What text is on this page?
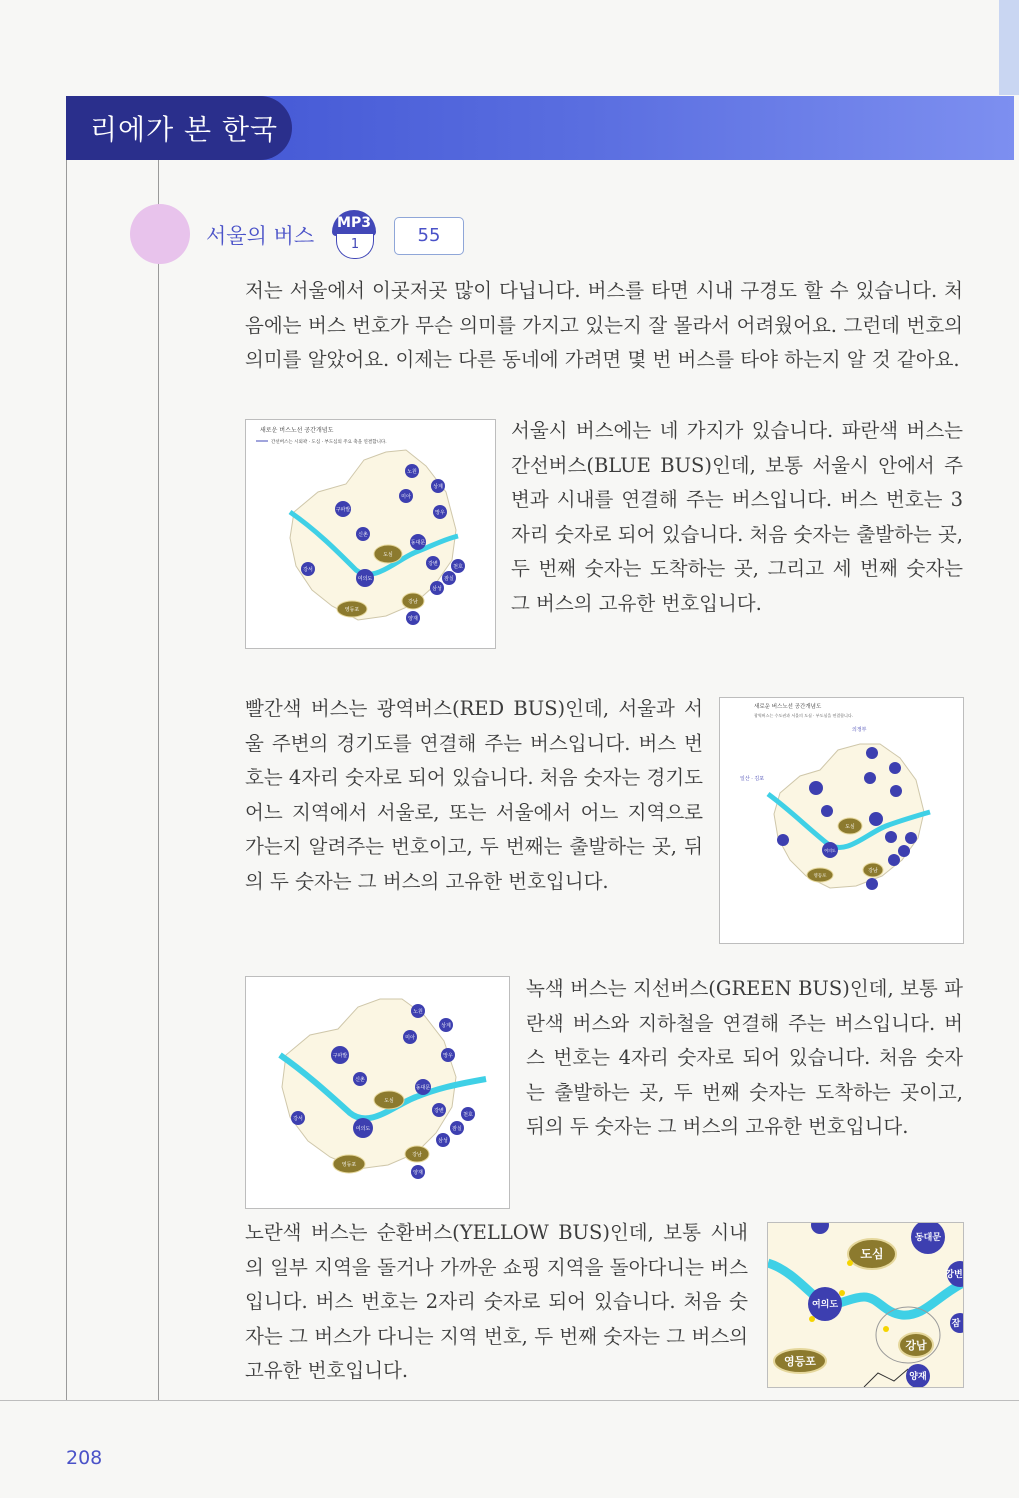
리에가 본 한국
서울의 버스
MP3
1	55
저는 서울에서 이곳저곳 많이 다닙니다. 버스를 타면 시내 구경도 할 수 있습니다. 처음에는 버스 번호가 무슨 의미를 가지고 있는지 잘 몰라서 어려웠어요. 그런데 번호의 의미를 알았어요. 이제는 다른 동네에 가려면 몇 번 버스를 타야 하는지 알 것 같아요.
새로운 버스노선 공간개념도
간선버스는 시외곽 · 도심 · 부도심의 주요 축을 연결합니다.
노원
상계
미아
구파발	망우
신촌
동대문
도심
강변	천호
강서
여의도	잠실
삼성
강남
영등포
양재
서울시 버스에는 네 가지가 있습니다. 파란색 버스는 간선버스(BLUE BUS)인데, 보통 서울시 안에서 주변과 시내를 연결해 주는 버스입니다. 버스 번호는 3자리 숫자로 되어 있습니다. 처음 숫자는 출발하는 곳, 두 번째 숫자는 도착하는 곳, 그리고 세 번째 숫자는 그 버스의 고유한 번호입니다.
빨간색 버스는 광역버스(RED BUS)인데, 서울과 서울 주변의 경기도를 연결해 주는 버스입니다. 버스 번호는 4자리 숫자로 되어 있습니다. 처음 숫자는 경기도 어느 지역에서 서울로, 또는 서울에서 어느 지역으로 가는지 알려주는 번호이고, 두 번째는 출발하는 곳, 뒤의 두 숫자는 그 버스의 고유한 번호입니다.
새로운 버스노선 공간개념도
광역버스는 수도권과 서울의 도심 · 부도심을 연결합니다.
의정부
일산 · 김포
도심
여의도
강남
영등포
노원
상계
미아
구파발	망우
신촌
동대문
도심
강변
천호
강서
여의도	잠실
삼성
강남
영등포
양재
녹색 버스는 지선버스(GREEN BUS)인데, 보통 파란색 버스와 지하철을 연결해 주는 버스입니다. 버스 번호는 4자리 숫자로 되어 있습니다. 처음 숫자는 출발하는 곳, 두 번째 숫자는 도착하는 곳이고, 뒤의 두 숫자는 그 버스의 고유한 번호입니다.
노란색 버스는 순환버스(YELLOW BUS)인데, 보통 시내의 일부 지역을 돌거나 가까운 쇼핑 지역을 돌아다니는 버스입니다. 버스 번호는 2자리 숫자로 되어 있습니다. 처음 숫자는 그 버스가 다니는 지역 번호, 두 번째 숫자는 그 버스의 고유한 번호입니다.
도심
동대문
강변
여의도
잠
강남
영등포
양재
208
